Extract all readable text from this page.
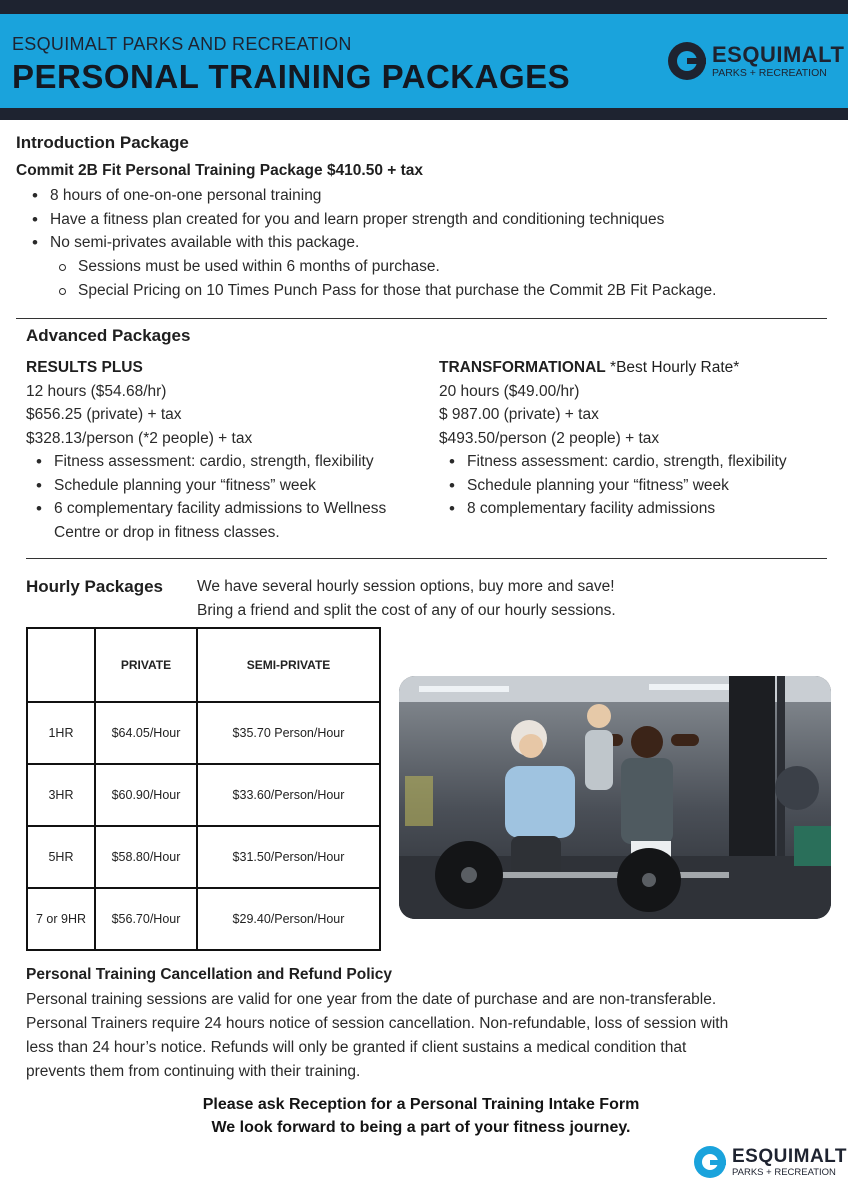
ESQUIMALT PARKS AND RECREATION
PERSONAL TRAINING PACKAGES
ESQUIMALT
PARKS + RECREATION
Introduction Package
Commit 2B Fit Personal Training Package $410.50 + tax
• 8 hours of one-on-one personal training
• Have a fitness plan created for you and learn proper strength and conditioning techniques
• No semi-privates available with this package.
Sessions must be used within 6 months of purchase.
Special Pricing on 10 Times Punch Pass for those that purchase the Commit 2B Fit Package.
Advanced Packages
RESULTS PLUS
12 hours ($54.68/hr)
$656.25 (private) + tax
$328.13/person (*2 people) + tax
• Fitness assessment: cardio, strength, flexibility
• Schedule planning your “fitness” week
• 6 complementary facility admissions to Wellness Centre or drop in fitness classes.
TRANSFORMATIONAL *Best Hourly Rate*
20 hours ($49.00/hr)
$ 987.00 (private) + tax
$493.50/person (2 people) + tax
• Fitness assessment: cardio, strength, flexibility
• Schedule planning your “fitness” week
• 8 complementary facility admissions
Hourly Packages We have several hourly session options, buy more and save!
Bring a friend and split the cost of any of our hourly sessions.
	PRIVATE	SEMI-PRIVATE
1HR	$64.05/Hour	$35.70 Person/Hour
3HR	$60.90/Hour	$33.60/Person/Hour
5HR	$58.80/Hour	$31.50/Person/Hour
7 or 9HR	$56.70/Hour	$29.40/Person/Hour
Personal Training Cancellation and Refund Policy
Personal training sessions are valid for one year from the date of purchase and are non-transferable.
Personal Trainers require 24 hours notice of session cancellation. Non-refundable, loss of session with
less than 24 hour’s notice. Refunds will only be granted if client sustains a medical condition that
prevents them from continuing with their training.
Please ask Reception for a Personal Training Intake Form
We look forward to being a part of your fitness journey.
ESQUIMALT
PARKS + RECREATION
